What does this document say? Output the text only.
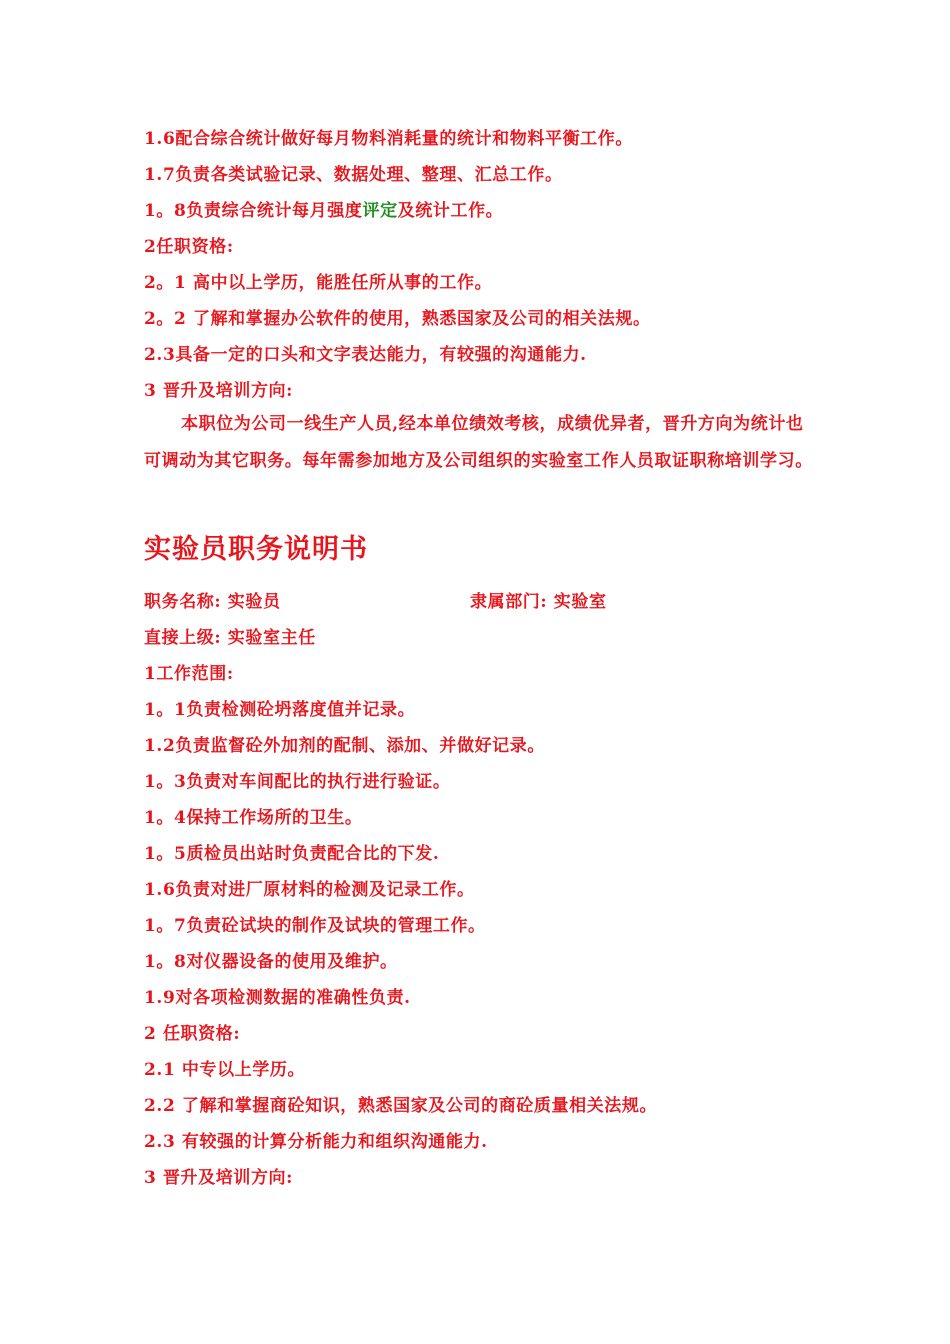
1.6配合综合统计做好每月物料消耗量的统计和物料平衡工作。
1.7负责各类试验记录、数据处理、整理、汇总工作。
1。8负责综合统计每月强度评定及统计工作。
2任职资格:
2。1 高中以上学历，能胜任所从事的工作。
2。2 了解和掌握办公软件的使用，熟悉国家及公司的相关法规。
2.3具备一定的口头和文字表达能力，有较强的沟通能力.
3 晋升及培训方向:
本职位为公司一线生产人员,经本单位绩效考核，成绩优异者，晋升方向为统计也可调动为其它职务。每年需参加地方及公司组织的实验室工作人员取证职称培训学习。
实验员职务说明书
职务名称: 实验员	隶属部门: 实验室
直接上级: 实验室主任
1工作范围:
1。1负责检测砼坍落度值并记录。
1.2负责监督砼外加剂的配制、添加、并做好记录。
1。3负责对车间配比的执行进行验证。
1。4保持工作场所的卫生。
1。5质检员出站时负责配合比的下发.
1.6负责对进厂原材料的检测及记录工作。
1。7负责砼试块的制作及试块的管理工作。
1。8对仪器设备的使用及维护。
1.9对各项检测数据的准确性负责.
2 任职资格:
2.1 中专以上学历。
2.2 了解和掌握商砼知识，熟悉国家及公司的商砼质量相关法规。
2.3 有较强的计算分析能力和组织沟通能力.
3 晋升及培训方向:
